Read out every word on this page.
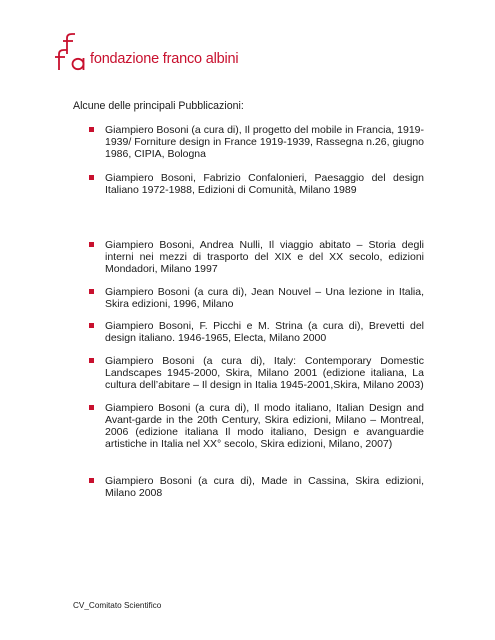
fondazione franco albini
Alcune delle principali Pubblicazioni:
Giampiero Bosoni (a cura di), Il progetto del mobile in Francia, 1919-1939/ Forniture design in France 1919-1939, Rassegna n.26, giugno 1986, CIPIA, Bologna
Giampiero Bosoni, Fabrizio Confalonieri, Paesaggio del design Italiano 1972-1988, Edizioni di Comunità, Milano 1989
Giampiero Bosoni, Andrea Nulli, Il viaggio abitato – Storia degli interni nei mezzi di trasporto del XIX e del XX secolo, edizioni Mondadori, Milano 1997
Giampiero Bosoni (a cura di), Jean Nouvel – Una lezione in Italia, Skira edizioni, 1996, Milano
Giampiero Bosoni, F. Picchi e M. Strina (a cura di), Brevetti del design italiano. 1946-1965, Electa, Milano 2000
Giampiero Bosoni (a cura di), Italy: Contemporary Domestic Landscapes 1945-2000, Skira, Milano 2001 (edizione italiana, La cultura dell’abitare – Il design in Italia 1945-2001,Skira, Milano 2003)
Giampiero Bosoni (a cura di), Il modo italiano, Italian Design and Avant-garde in the 20th Century, Skira edizioni, Milano – Montreal, 2006 (edizione italiana Il modo italiano, Design e avanguardie artistiche in Italia nel XX° secolo, Skira edizioni, Milano, 2007)
Giampiero Bosoni (a cura di), Made in Cassina, Skira edizioni, Milano 2008
CV_Comitato Scientifico
